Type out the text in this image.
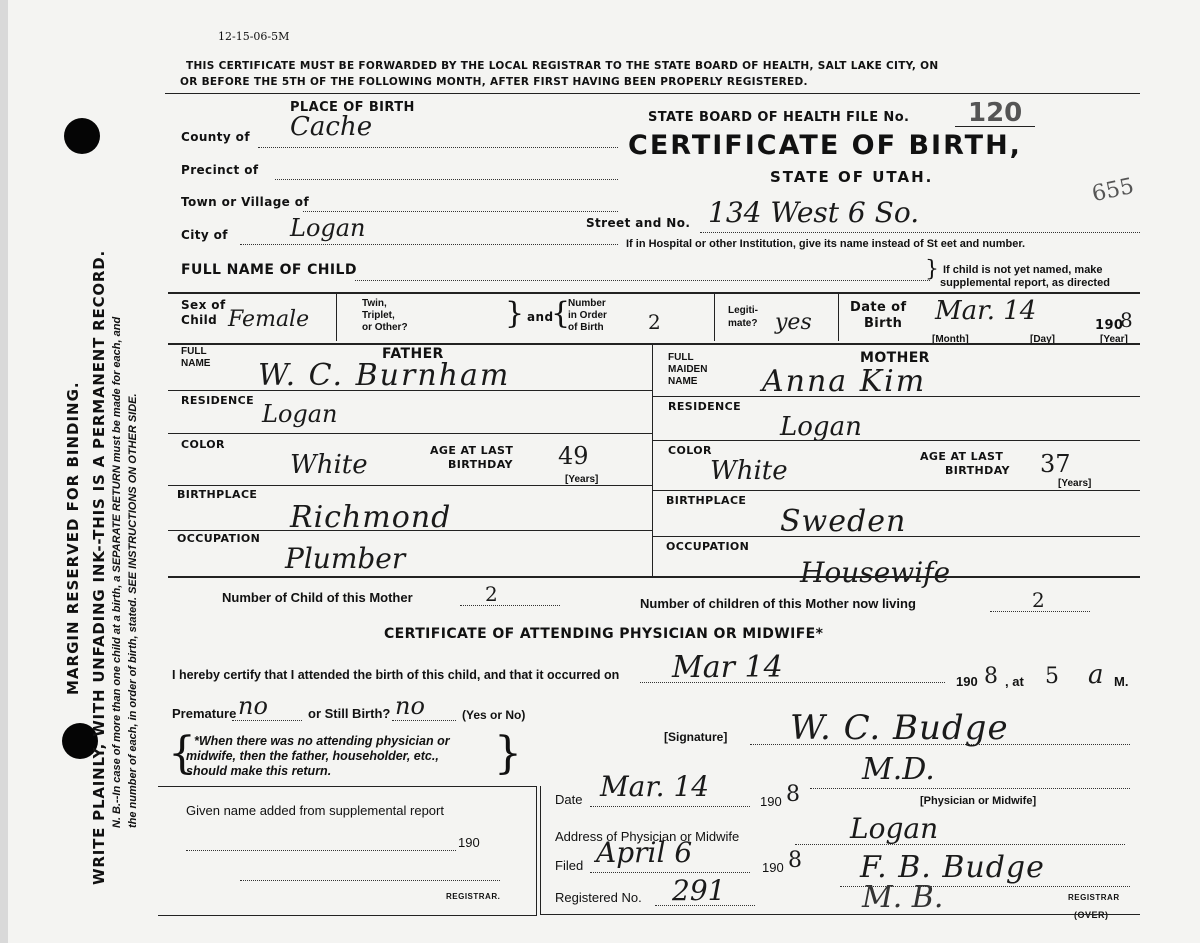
MARGIN RESERVED FOR BINDING. WRITE PLAINLY, WITH UNFADING INK--THIS IS A PERMANENT RECORD. N. B.--In case of more than one child at a birth, a SEPARATE RETURN must be made for each, and the number of each, in order of birth, stated. SEE INSTRUCTIONS ON OTHER SIDE.
12-15-06-5M
THIS CERTIFICATE MUST BE FORWARDED BY THE LOCAL REGISTRAR TO THE STATE BOARD OF HEALTH, SALT LAKE CITY, ON
OR BEFORE THE 5TH OF THE FOLLOWING MONTH, AFTER FIRST HAVING BEEN PROPERLY REGISTERED.
PLACE OF BIRTH
County of Cache
Precinct of
Town or Village of
City of	Logan
STATE BOARD OF HEALTH FILE No. 120
655
CERTIFICATE OF BIRTH,
STATE OF UTAH.
Street and No. 134 West 6 So.
If in Hospital or other Institution, give its name instead of St eet and number.
FULL NAME OF CHILD	If child is not yet named, make
supplemental report, as directed
}
Sex of
Child Female
Twin,
Triplet,
or Other?	} and
{
Number
in Order
of Birth 2	Legiti-
mate? yes
Date of
Birth Mar. 14	190
8
[Month]	[Day]	[Year]
FATHER
FULL
NAME W. C. Burnham
RESIDENCE Logan
COLOR
White	AGE AT LAST
BIRTHDAY 49
[Years]
BIRTHPLACE
Richmond
OCCUPATION
Plumber
MOTHER
FULL
MAIDEN
NAME Anna Kim
RESIDENCE
Logan
COLOR
White	AGE AT LAST
BIRTHDAY 37
[Years]
BIRTHPLACE
Sweden
OCCUPATION
Housewife
Number of Child of this Mother	2	Number of children of this Mother now living	2
CERTIFICATE OF ATTENDING PHYSICIAN OR MIDWIFE*
I hereby certify that I attended the birth of this child, and that it occurred on Mar 14	190 8 , at 5 a M.
Premature no	or Still Birth? no	(Yes or No)
{
*When there was no attending physician or
midwife, then the father, householder, etc.,
should make this return.	}	[Signature] W. C. Budge
M.D.
[Physician or Midwife]
Given name added from supplemental report
190
REGISTRAR.
Date Mar. 14	190 8
Address of Physician or Midwife	Logan
Filed April 6	190 8 F. B. Budge
REGISTRAR
Registered No. 291	M. B.	(OVER)
